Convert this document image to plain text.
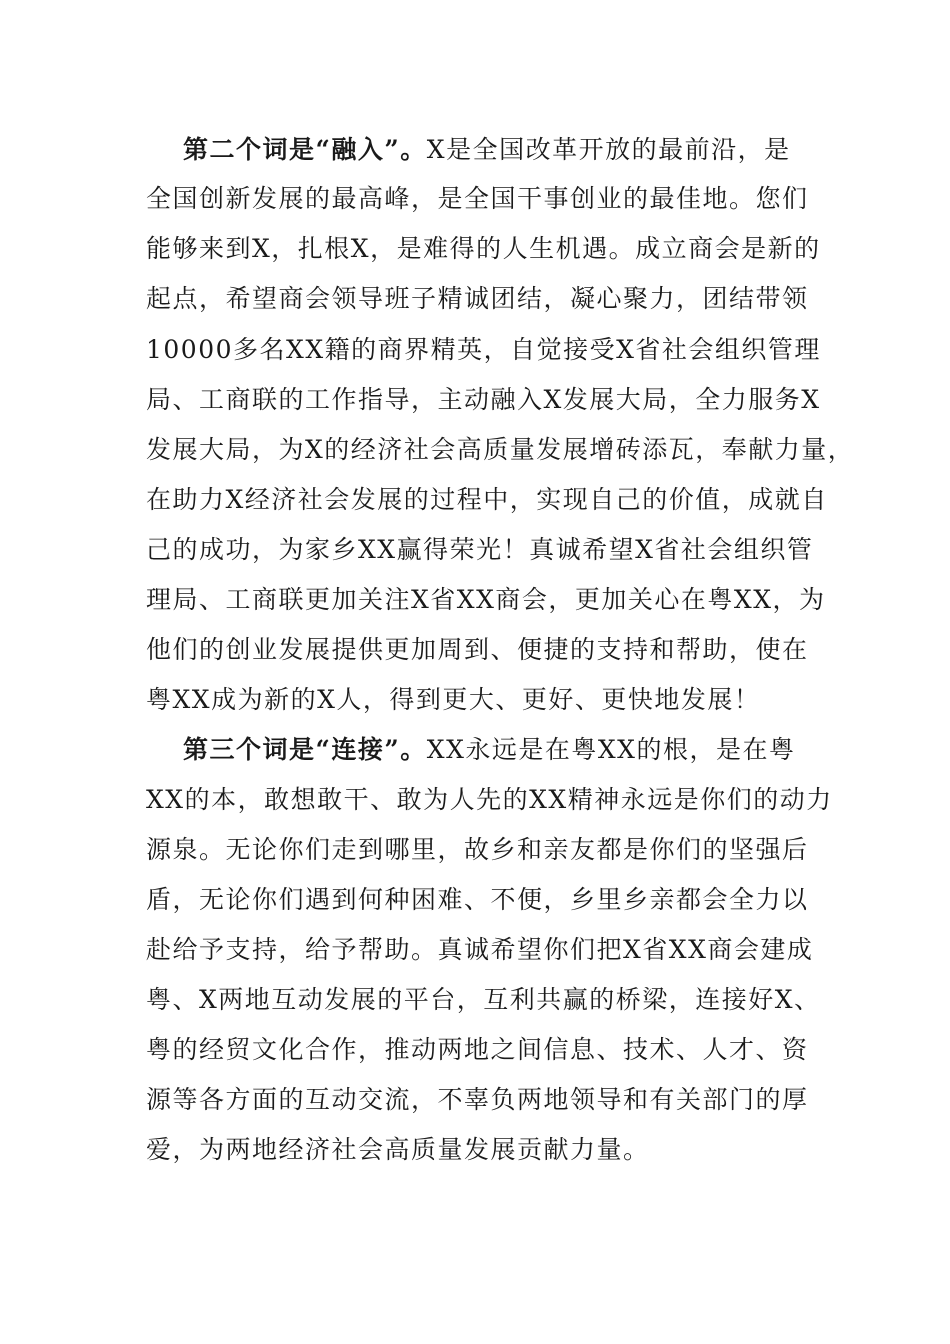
第二个词是“融入”。X是全国改革开放的最前沿，是
全国创新发展的最高峰，是全国干事创业的最佳地。您们
能够来到X，扎根X，是难得的人生机遇。成立商会是新的
起点，希望商会领导班子精诚团结，凝心聚力，团结带领
10000多名XX籍的商界精英，自觉接受X省社会组织管理
局、工商联的工作指导，主动融入X发展大局，全力服务X
发展大局，为X的经济社会高质量发展增砖添瓦，奉献力量，
在助力X经济社会发展的过程中，实现自己的价值，成就自
己的成功，为家乡XX赢得荣光！真诚希望X省社会组织管
理局、工商联更加关注X省XX商会，更加关心在粤XX，为
他们的创业发展提供更加周到、便捷的支持和帮助，使在
粤XX成为新的X人，得到更大、更好、更快地发展！
第三个词是“连接”。XX永远是在粤XX的根，是在粤
XX的本，敢想敢干、敢为人先的XX精神永远是你们的动力
源泉。无论你们走到哪里，故乡和亲友都是你们的坚强后
盾，无论你们遇到何种困难、不便，乡里乡亲都会全力以
赴给予支持，给予帮助。真诚希望你们把X省XX商会建成
粤、X两地互动发展的平台，互利共赢的桥梁，连接好X、
粤的经贸文化合作，推动两地之间信息、技术、人才、资
源等各方面的互动交流，不辜负两地领导和有关部门的厚
爱，为两地经济社会高质量发展贡献力量。
